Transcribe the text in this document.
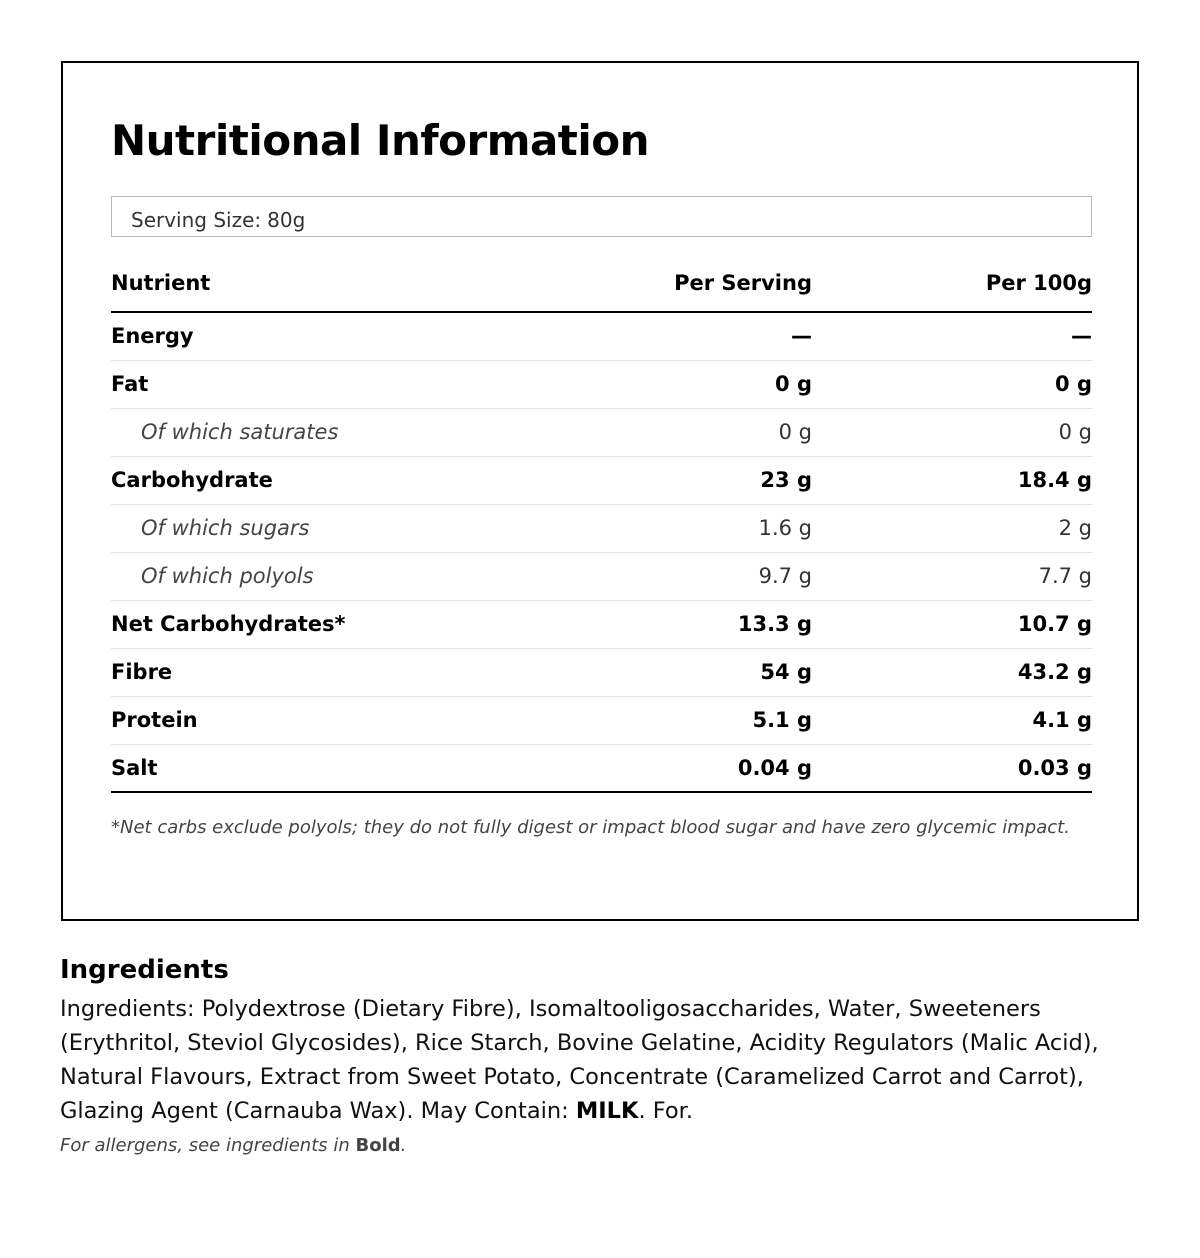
Nutritional Information
Serving Size: 80g
Nutrient	Per Serving	Per 100g
Energy	—	—
Fat	0 g	0 g
Of which saturates	0 g	0 g
Carbohydrate	23 g	18.4 g
Of which sugars	1.6 g	2 g
Of which polyols	9.7 g	7.7 g
Net Carbohydrates*	13.3 g	10.7 g
Fibre	54 g	43.2 g
Protein	5.1 g	4.1 g
Salt	0.04 g	0.03 g

*Net carbs exclude polyols; they do not fully digest or impact blood sugar and have zero glycemic impact.

Ingredients

Ingredients: Polydextrose (Dietary Fibre), Isomaltooligosaccharides, Water, Sweeteners (Erythritol, Steviol Glycosides), Rice Starch, Bovine Gelatine, Acidity Regulators (Malic Acid), Natural Flavours, Extract from Sweet Potato, Concentrate (Caramelized Carrot and Carrot), Glazing Agent (Carnauba Wax). May Contain: MILK. For.

For allergens, see ingredients in Bold.
